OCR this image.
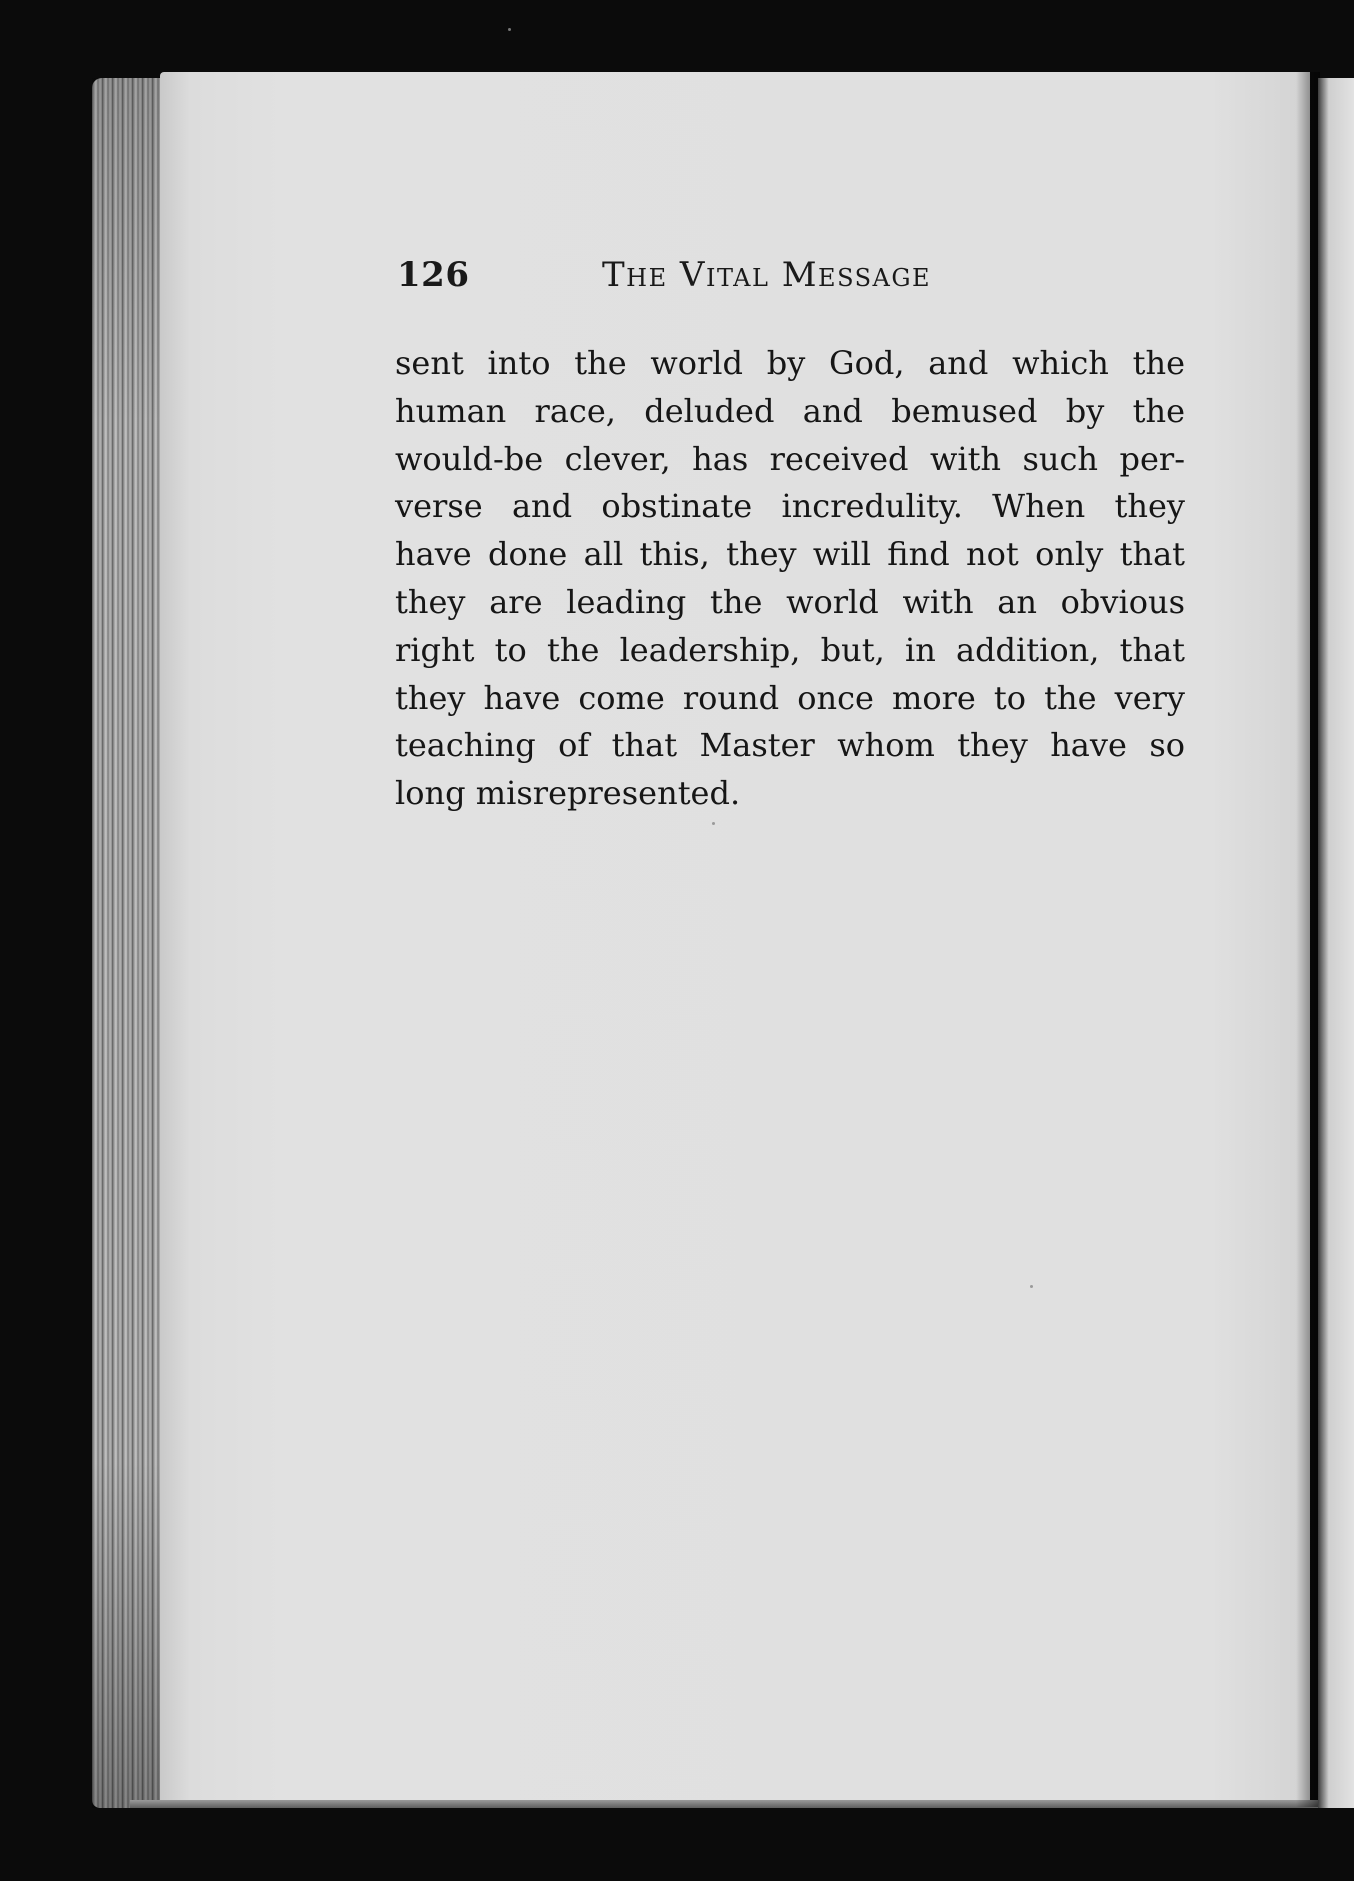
126	The Vital Message
sent into the world by God, and which the
human race, deluded and bemused by the
would-be clever, has received with such per-
verse and obstinate incredulity. When they
have done all this, they will find not only that
they are leading the world with an obvious
right to the leadership, but, in addition, that
they have come round once more to the very
teaching of that Master whom they have so
long misrepresented.
